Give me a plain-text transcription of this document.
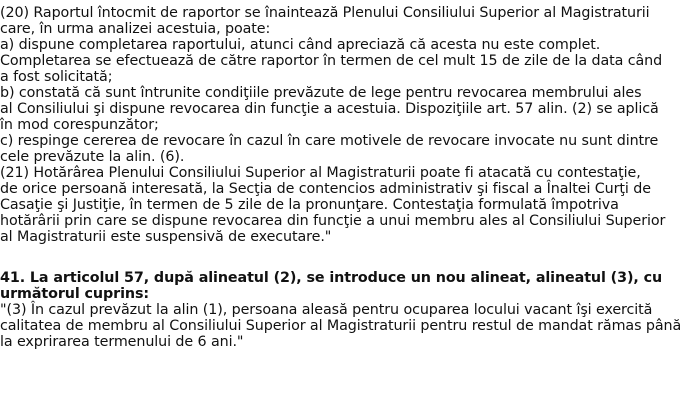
(20) Raportul întocmit de raportor se înaintează Plenului Consiliului Superior al Magistraturii
care, în urma analizei acestuia, poate:
a) dispune completarea raportului, atunci când apreciază că acesta nu este complet.
Completarea se efectuează de către raportor în termen de cel mult 15 de zile de la data când
a fost solicitată;
b) constată că sunt întrunite condiţiile prevăzute de lege pentru revocarea membrului ales
al Consiliului şi dispune revocarea din funcţie a acestuia. Dispoziţiile art. 57 alin. (2) se aplică
în mod corespunzător;
c) respinge cererea de revocare în cazul în care motivele de revocare invocate nu sunt dintre
cele prevăzute la alin. (6).
(21) Hotărârea Plenului Consiliului Superior al Magistraturii poate fi atacată cu contestaţie,
de orice persoană interesată, la Secţia de contencios administrativ şi fiscal a Înaltei Curţi de
Casaţie şi Justiţie, în termen de 5 zile de la pronunţare. Contestaţia formulată împotriva
hotărârii prin care se dispune revocarea din funcţie a unui membru ales al Consiliului Superior
al Magistraturii este suspensivă de executare."
41. La articolul 57, după alineatul (2), se introduce un nou alineat, alineatul (3), cu
următorul cuprins:
"(3) În cazul prevăzut la alin (1), persoana aleasă pentru ocuparea locului vacant îşi exercită
calitatea de membru al Consiliului Superior al Magistraturii pentru restul de mandat rămas până
la exprirarea termenului de 6 ani."
